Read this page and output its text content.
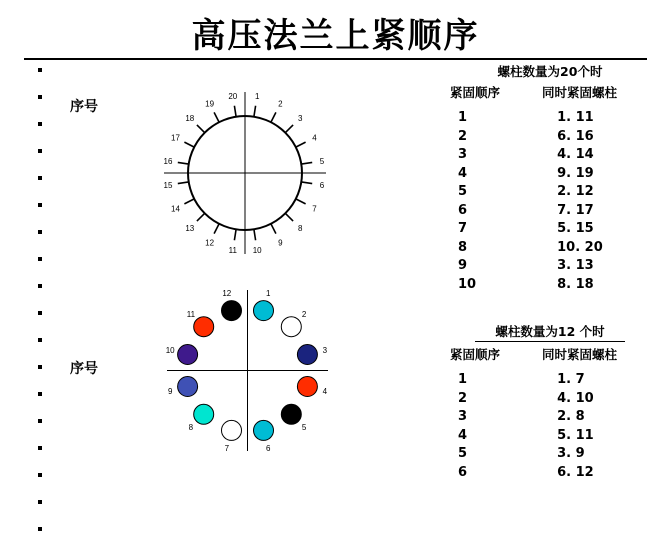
高压法兰上紧顺序
序号
序号
1
2
3
4
5
6
7
8
9
10
11
12
13
14
15
16
17
18
19
20
1
2
3
4
5
6
7
8
9
10
11
12
螺柱数量为20个时
紧固顺序	同时紧固螺柱
1	1. 11
2	6. 16
3	4. 14
4	9. 19
5	2. 12
6	7. 17
7	5. 15
8	10. 20
9	3. 13
10	8. 18
螺柱数量为12 个时
紧固顺序	同时紧固螺柱
1	1. 7
2	4. 10
3	2. 8
4	5. 11
5	3. 9
6	6. 12
